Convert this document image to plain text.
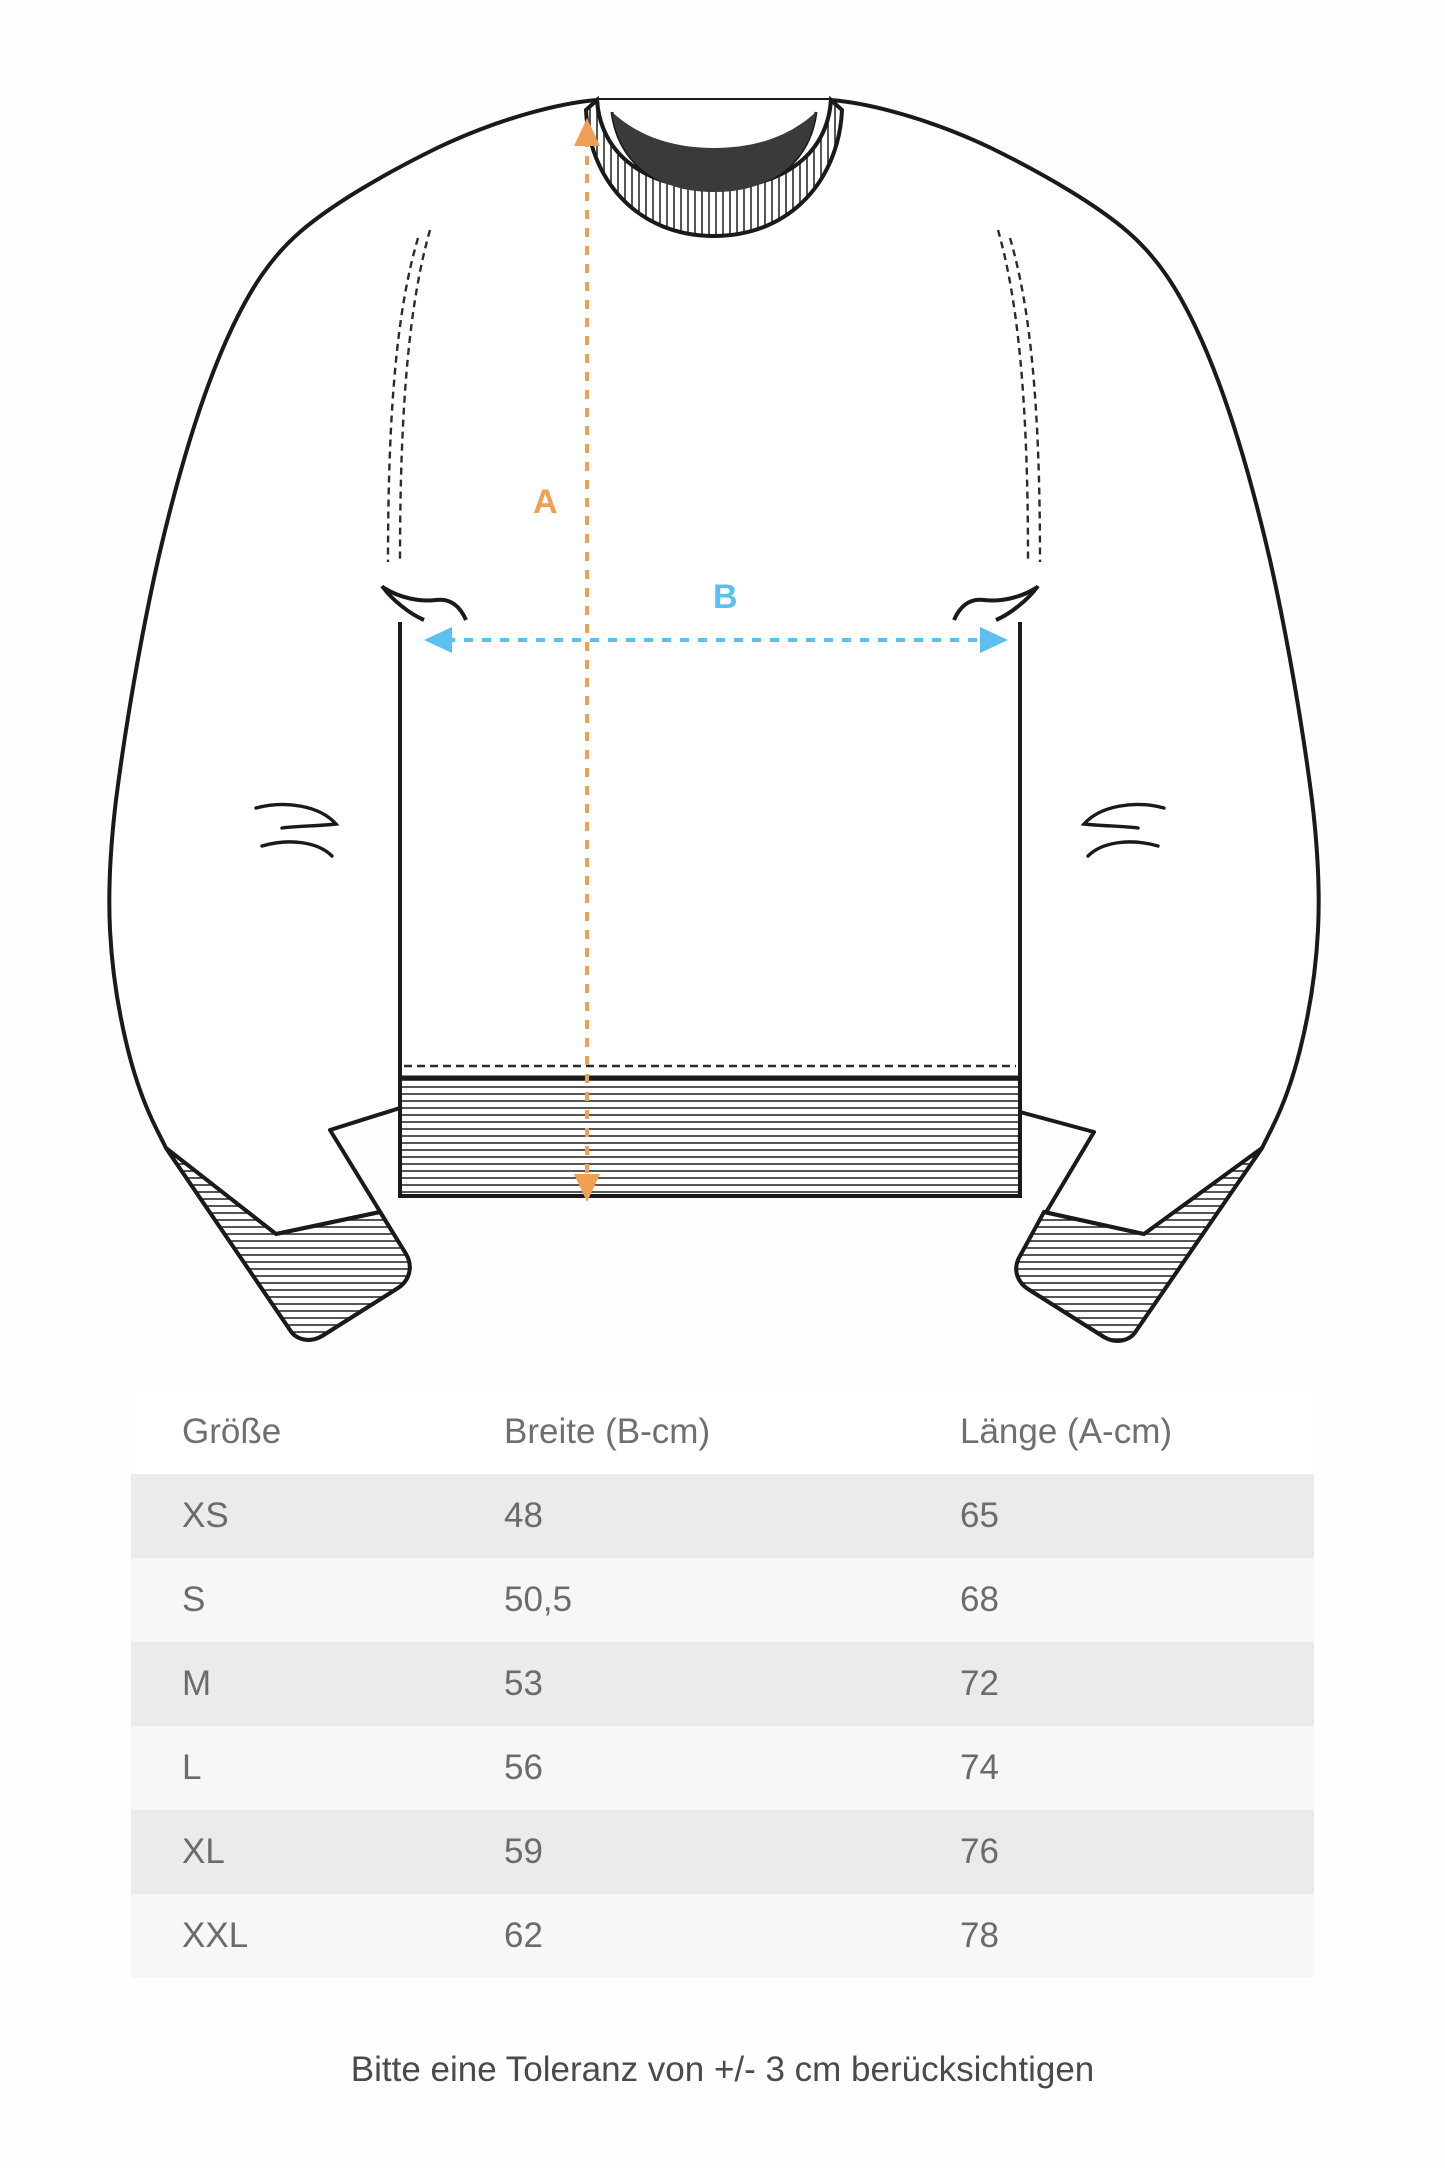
A
B
Größe	Breite (B-cm)	Länge (A-cm)
XS	48	65
S	50,5	68
M	53	72
L	56	74
XL	59	76
XXL	62	78
Bitte eine Toleranz von +/- 3 cm berücksichtigen
